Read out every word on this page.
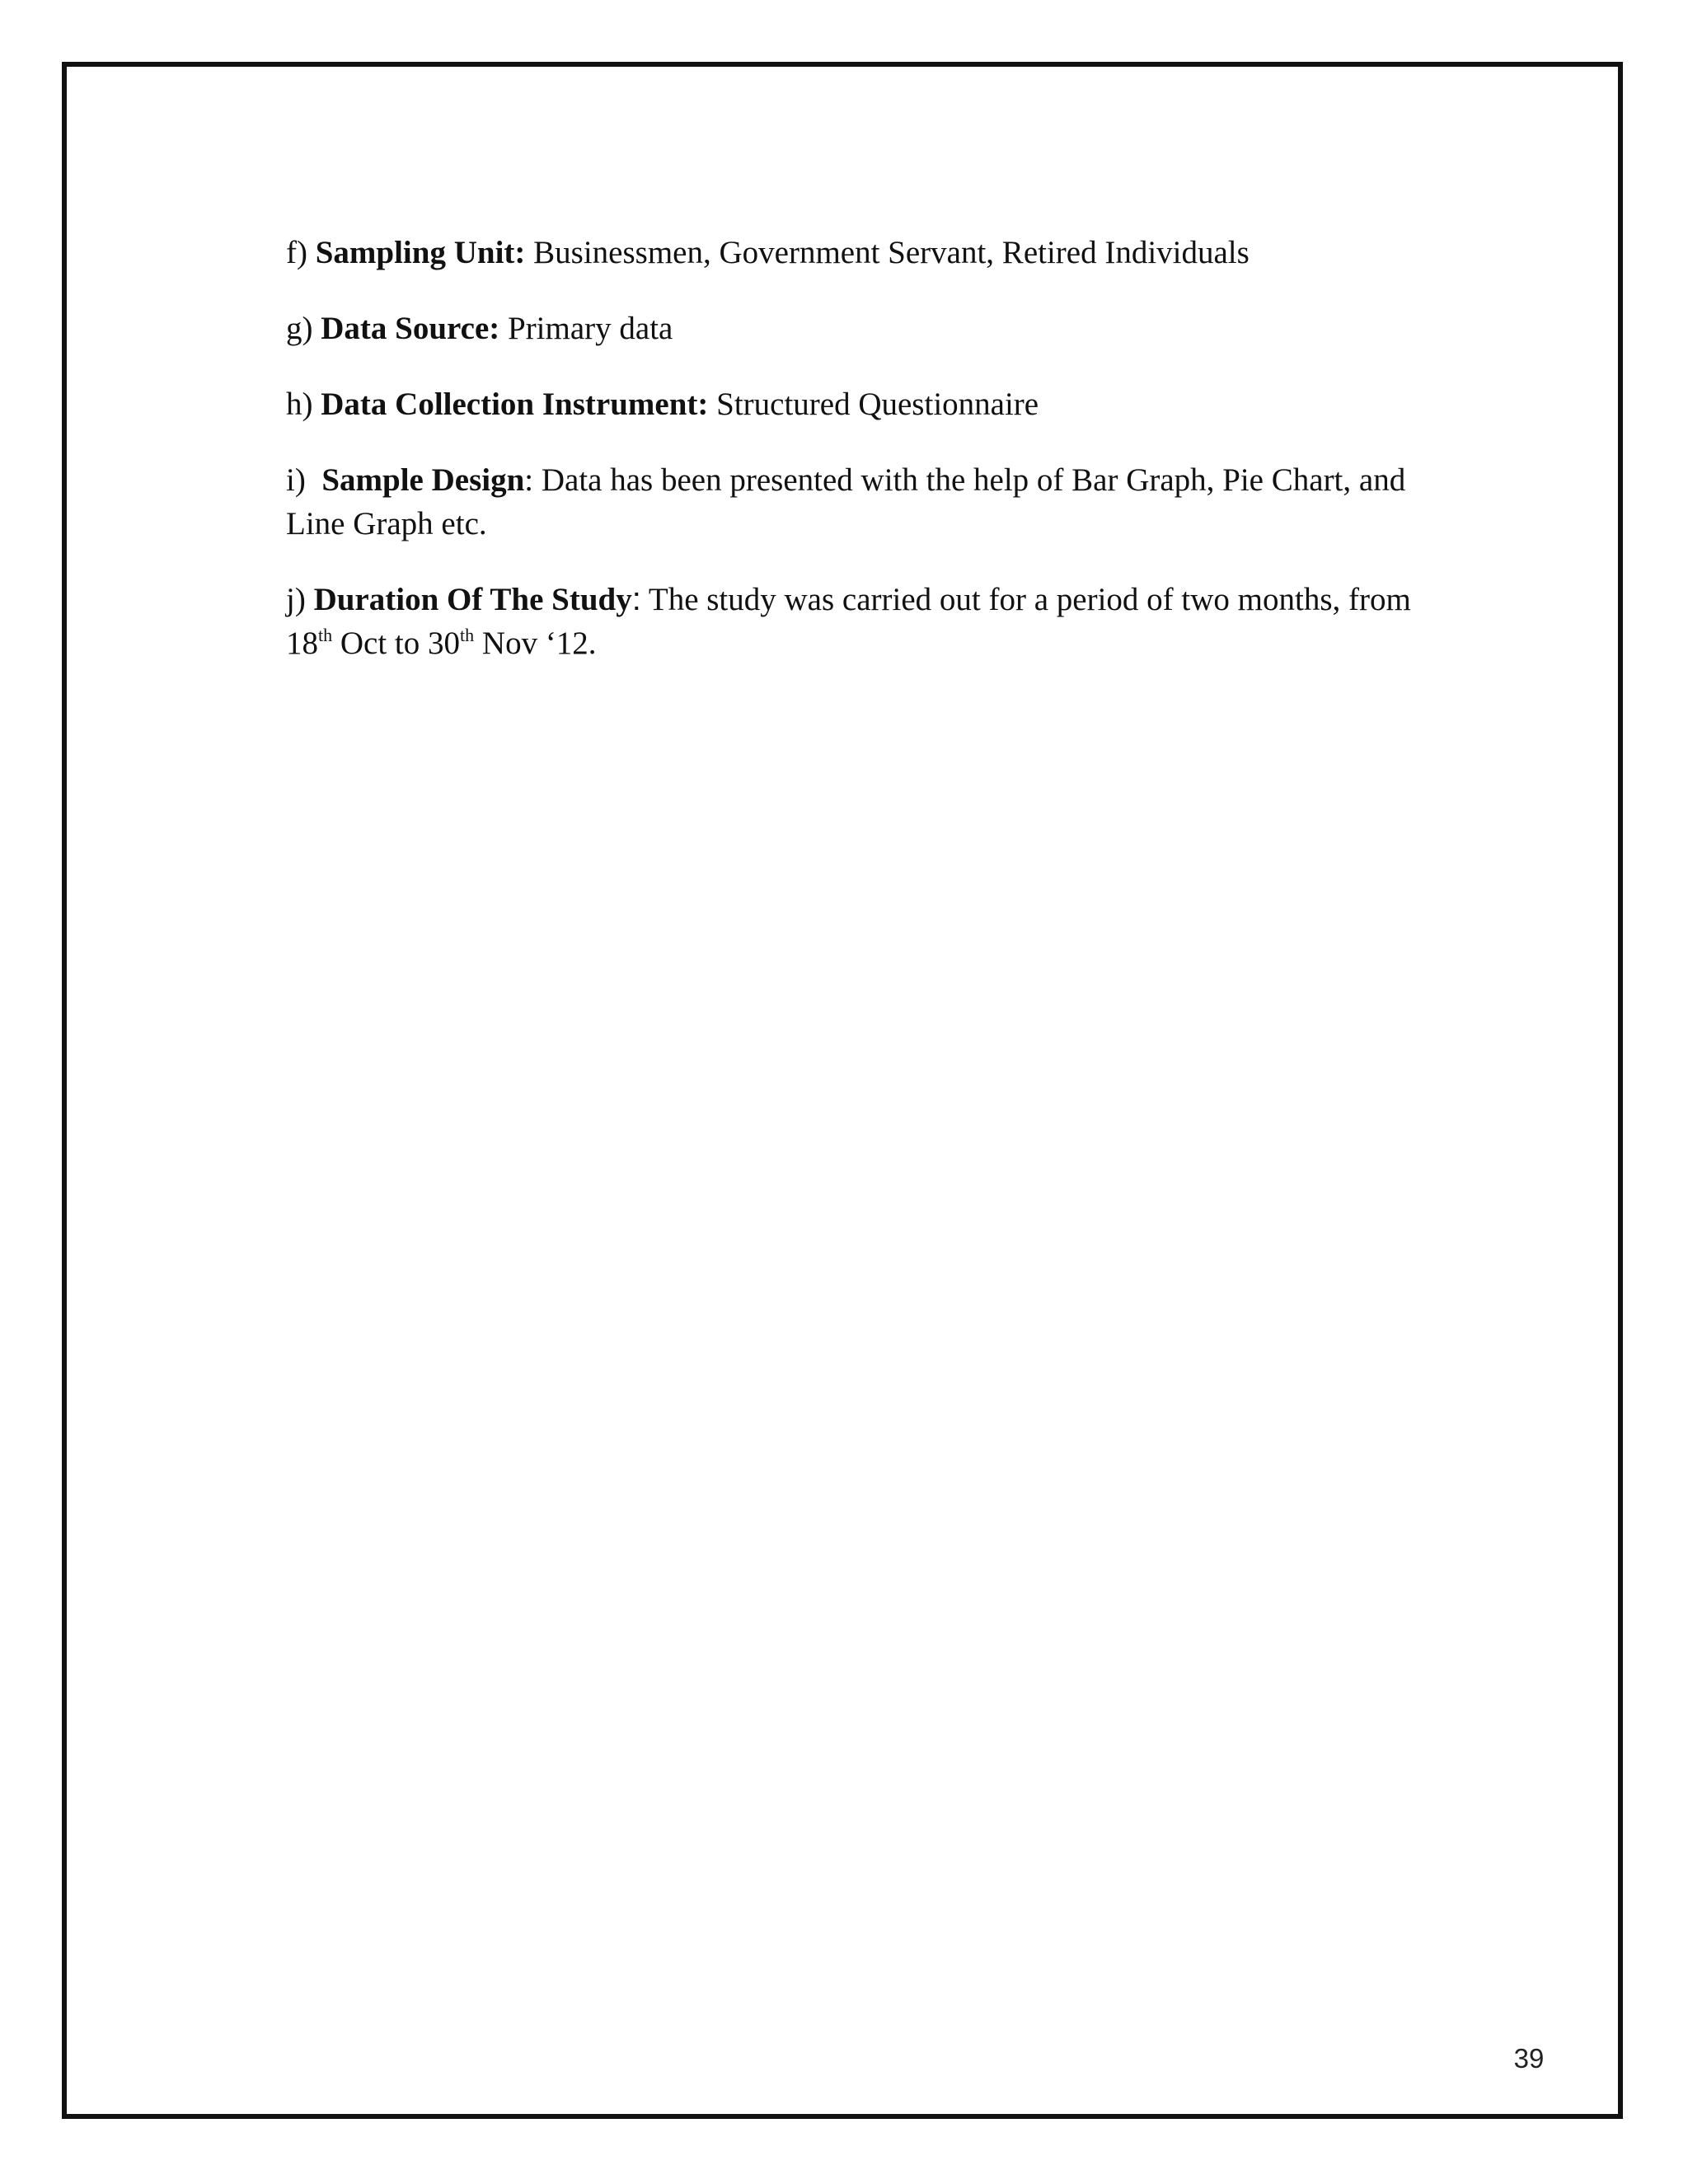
f) Sampling Unit: Businessmen, Government Servant, Retired Individuals

g) Data Source: Primary data

h) Data Collection Instrument: Structured Questionnaire

i) Sample Design: Data has been presented with the help of Bar Graph, Pie Chart, and Line Graph etc.

j) Duration Of The Study: The study was carried out for a period of two months, from 18th Oct to 30th Nov ‘12.

39
